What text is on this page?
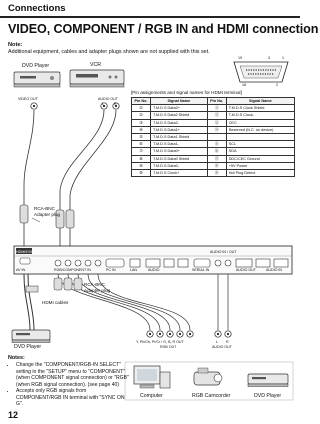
Connections
VIDEO, COMPONENT / RGB IN and HDMI connection
Note:
Additional equipment, cables and adapter plugs shown are not supplied with this set.
DVD Player	VCR
VIDEO OUT	AUDIO OUT
L	R
19	3	1
18	2
[Pin assignments and signal names for HDMI terminal]
Pin No.	Signal Name	Pin No.	Signal Name
①	T.M.D.S Data2+	⑪	T.M.D.S Clock Shield
②	T.M.D.S Data2 Shield	⑫	T.M.D.S Clock-
③	T.M.D.S Data2-	⑬	CEC
④	T.M.D.S Data1+	⑭	Reserved (N.C. on device)
⑤	T.M.D.S Data1 Shield		
⑥	T.M.D.S Data1-	⑮	SCL
⑦	T.M.D.S Data0+	⑯	SDA
⑧	T.M.D.S Data0 Shield	⑰	DDC/CEC Ground
⑨	T.M.D.S Data0-	⑱	+5V Power
⑩	T.M.D.S Clock+	⑲	Hot Plug Detect
RCA-BNC Adapter plug
RCA-BNC Adapter plug
HDMI cables
DVD Player
AV IN	RGB/COMPONENT IN	PC IN	LAN	AUDIO	SERIAL IN	AUDIO OUT	AUDIO IN
HDMI/DVI IN	AUDIO IN / OUT
Y, Pb/Cb, Pr/Cr / G, B, R OUT
RGB OUT	AUDIO OUT
L R
Computer	RGB Camcorder	DVD Player
Notes:
• Change the "COMPONENT/RGB-IN SELECT" setting in the "SETUP" menu to "COMPONENT" (when COMPONENT signal connection) or "RGB" (when RGB signal connection). (see page 40)
• Accepts only RGB signals from COMPONENT/RGB IN terminal with "SYNC ON G".
12
